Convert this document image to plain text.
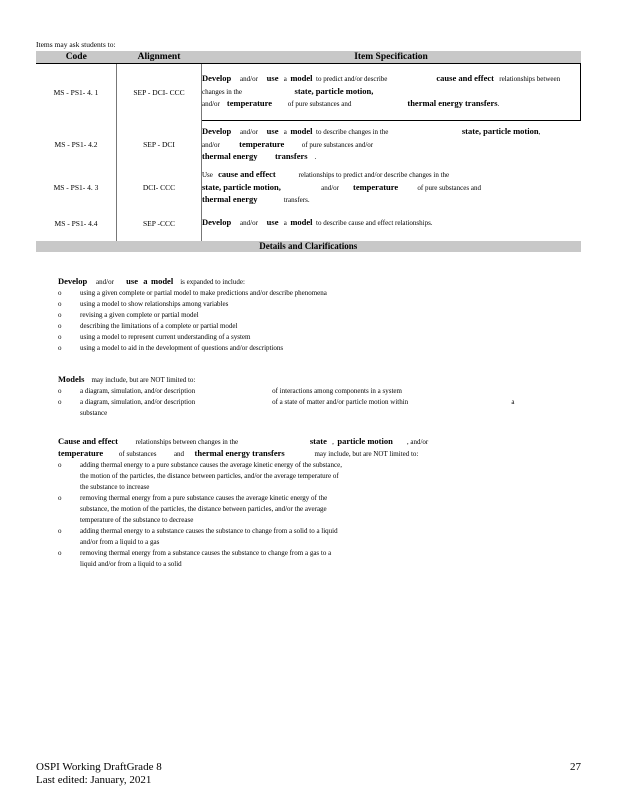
Items may ask students to:
Code	Alignment	Item Specification
MS - PS1- 4. 1	SEP - DCI- CCC	Develop and/or use a model to predict and/or describe cause and effect relationships between changes in the state, particle motion,
and/or temperature of pure substances and thermal energy transfers.
MS - PS1- 4.2	SEP - DCI	Develop and/or use a model to describe changes in the state, particle motion, and/or temperature of pure substances and/or
thermal energy transfers .
MS - PS1- 4. 3	DCI- CCC	Use cause and effect relationships to predict and/or describe changes in the
state, particle motion, and/or temperature of pure substances and
thermal energy transfers.
MS - PS1- 4.4	SEP -CCC	Develop and/or use a model to describe cause and effect relationships.
Details and Clarifications		
Develop and/or use a model is expanded to include:
o	using a given complete or partial model to make predictions and/or describe phenomena
o	using a model to show relationships among variables
o	revising a given complete or partial model
o	describing the limitations of a complete or partial model
o	using a model to represent current understanding of a system
o	using a model to aid in the development of questions and/or descriptions
Models may include, but are NOT limited to:
o	a diagram, simulation, and/or description	of interactions among components in a system
o	a diagram, simulation, and/or description	of a state of matter and/or particle motion within	a
substance
Cause and effect	relationships between changes in the	state , particle motion , and/or
temperature of substances	and thermal energy transfers	may include, but are NOT limited to:
o	adding thermal energy to a pure substance causes the average kinetic energy of the substance,
the motion of the particles, the distance between particles, and/or the average temperature of
the substance to increase
o	removing thermal energy from a pure substance causes the average kinetic energy of the
substance, the motion of the particles, the distance between particles, and/or the average
temperature of the substance to decrease
o	adding thermal energy to a substance causes the substance to change from a solid to a liquid
and/or from a liquid to a gas
o	removing thermal energy from a substance causes the substance to change from a gas to a
liquid and/or from a liquid to a solid
OSPI Working DraftGrade 8
Last edited: January, 2021
27
